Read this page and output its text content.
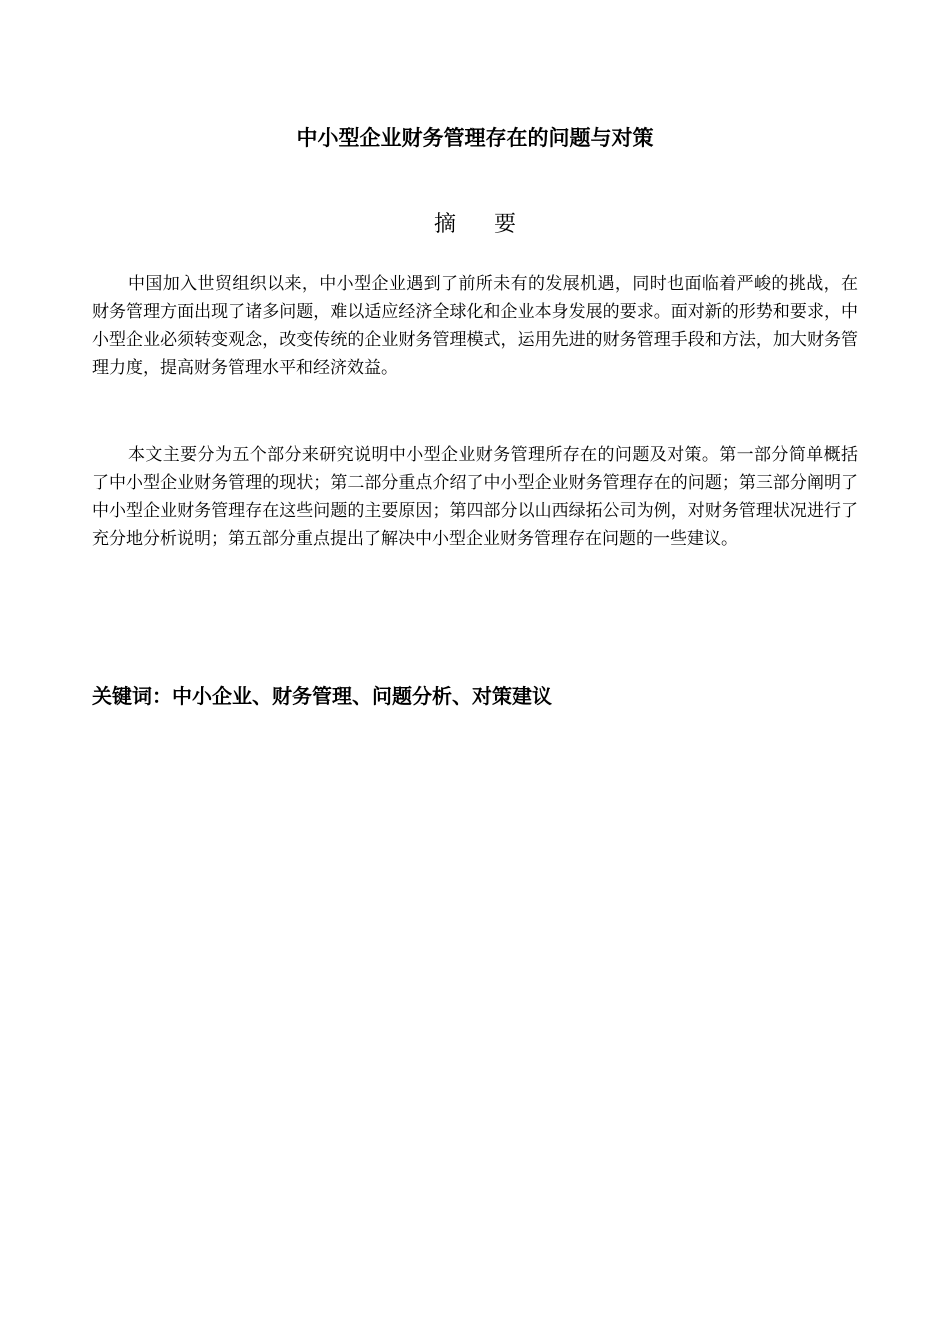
中小型企业财务管理存在的问题与对策
摘要

中国加入世贸组织以来，中小型企业遇到了前所未有的发展机遇，同时也面临着严峻的挑战，在财务管理方面出现了诸多问题，难以适应经济全球化和企业本身发展的要求。面对新的形势和要求，中小型企业必须转变观念，改变传统的企业财务管理模式，运用先进的财务管理手段和方法，加大财务管理力度，提高财务管理水平和经济效益。

本文主要分为五个部分来研究说明中小型企业财务管理所存在的问题及对策。第一部分简单概括了中小型企业财务管理的现状；第二部分重点介绍了中小型企业财务管理存在的问题；第三部分阐明了中小型企业财务管理存在这些问题的主要原因；第四部分以山西绿拓公司为例，对财务管理状况进行了充分地分析说明；第五部分重点提出了解决中小型企业财务管理存在问题的一些建议。

关键词：中小企业、财务管理、问题分析、对策建议
